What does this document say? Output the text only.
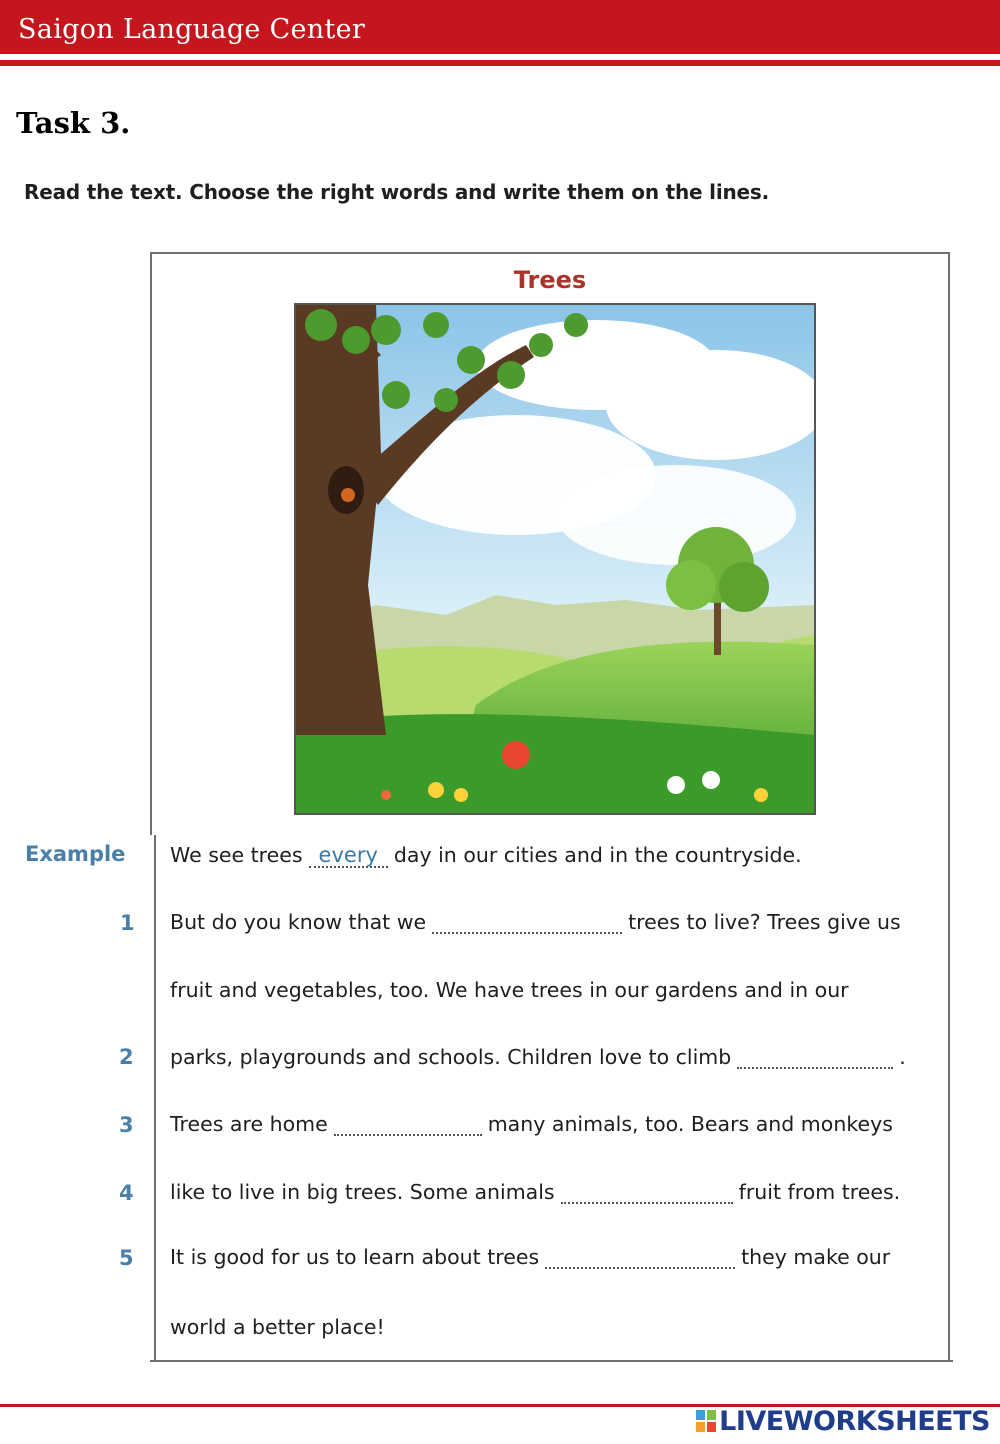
Saigon Language Center
Task 3.
Read the text. Choose the right words and write them on the lines.
Trees
Example
1
2
3
4
5
We see trees every day in our cities and in the countryside.
But do you know that we	trees to live? Trees give us
fruit and vegetables, too. We have trees in our gardens and in our
parks, playgrounds and schools. Children love to climb	.
Trees are home	many animals, too. Bears and monkeys
like to live in big trees. Some animals	fruit from trees.
It is good for us to learn about trees	they make our
world a better place!
LIVEWORKSHEETS
